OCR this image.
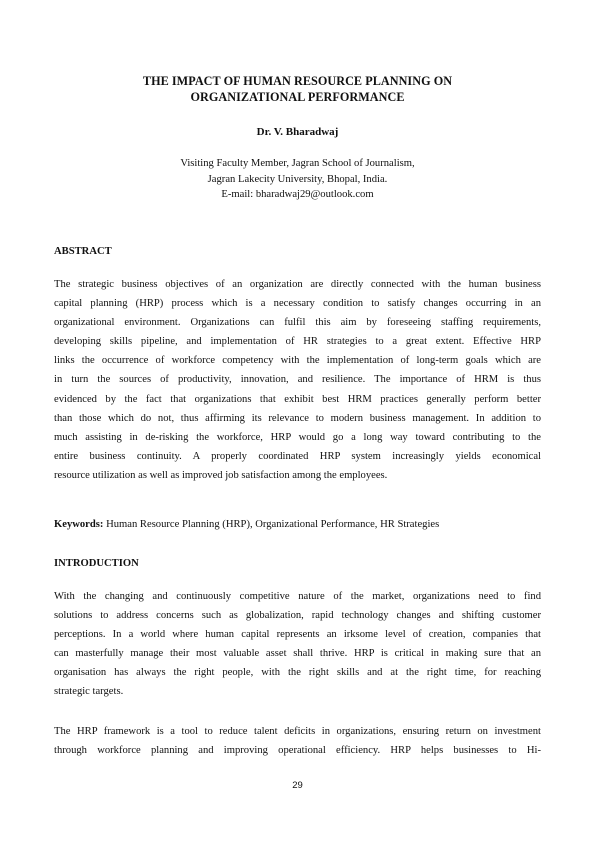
THE IMPACT OF HUMAN RESOURCE PLANNING ON
ORGANIZATIONAL PERFORMANCE
Dr. V. Bharadwaj
Visiting Faculty Member, Jagran School of Journalism,
Jagran Lakecity University, Bhopal, India.
E-mail: bharadwaj29@outlook.com
ABSTRACT
The strategic business objectives of an organization are directly connected with the human business
capital planning (HRP) process which is a necessary condition to satisfy changes occurring in an
organizational environment. Organizations can fulfil this aim by foreseeing staffing requirements,
developing skills pipeline, and implementation of HR strategies to a great extent. Effective HRP
links the occurrence of workforce competency with the implementation of long-term goals which are
in turn the sources of productivity, innovation, and resilience. The importance of HRM is thus
evidenced by the fact that organizations that exhibit best HRM practices generally perform better
than those which do not, thus affirming its relevance to modern business management. In addition to
much assisting in de-risking the workforce, HRP would go a long way toward contributing to the
entire business continuity. A properly coordinated HRP system increasingly yields economical
resource utilization as well as improved job satisfaction among the employees.
Keywords: Human Resource Planning (HRP), Organizational Performance, HR Strategies
INTRODUCTION
With the changing and continuously competitive nature of the market, organizations need to find
solutions to address concerns such as globalization, rapid technology changes and shifting customer
perceptions. In a world where human capital represents an irksome level of creation, companies that
can masterfully manage their most valuable asset shall thrive. HRP is critical in making sure that an
organisation has always the right people, with the right skills and at the right time, for reaching
strategic targets.
The HRP framework is a tool to reduce talent deficits in organizations, ensuring return on investment
through workforce planning and improving operational efficiency. HRP helps businesses to Hi-
29
